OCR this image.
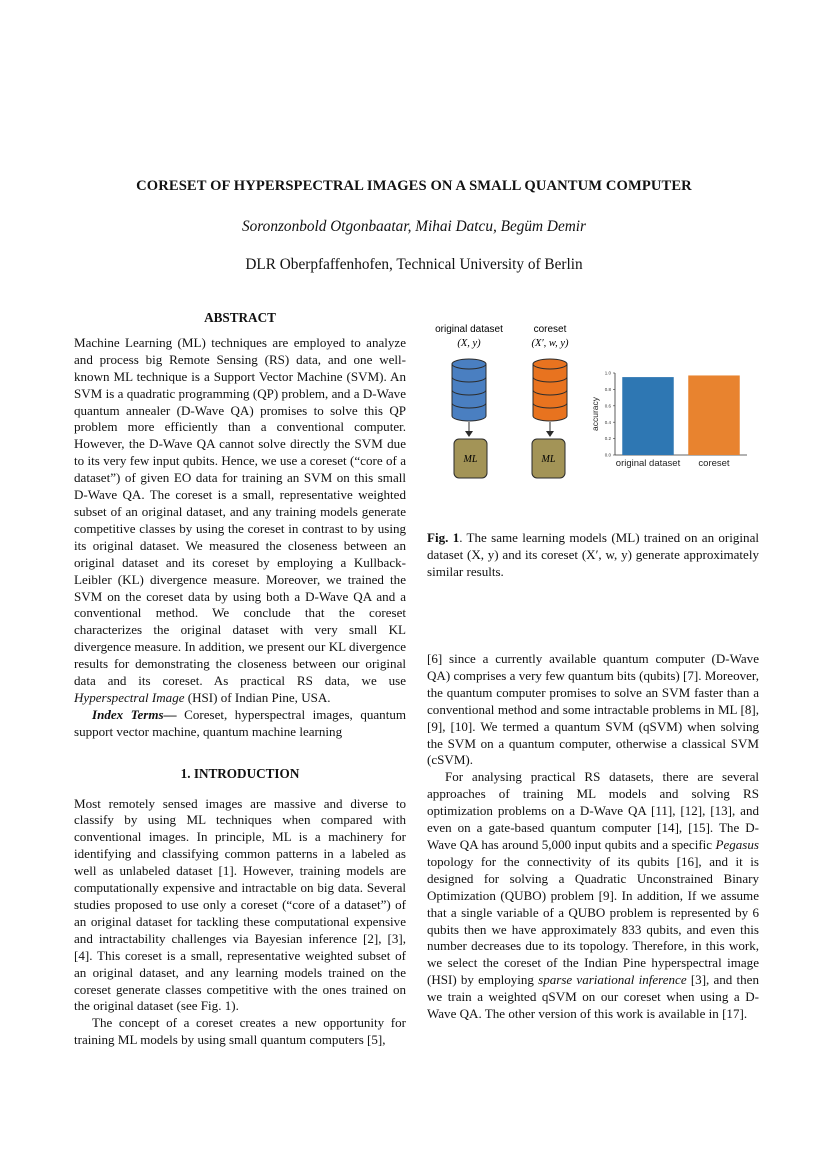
CORESET OF HYPERSPECTRAL IMAGES ON A SMALL QUANTUM COMPUTER
Soronzonbold Otgonbaatar, Mihai Datcu, Begüm Demir
DLR Oberpfaffenhofen, Technical University of Berlin
ABSTRACT

Machine Learning (ML) techniques are employed to analyze and process big Remote Sensing (RS) data, and one well-known ML technique is a Support Vector Machine (SVM). An SVM is a quadratic programming (QP) problem, and a D-Wave quantum annealer (D-Wave QA) promises to solve this QP problem more efficiently than a conventional computer. However, the D-Wave QA cannot solve directly the SVM due to its very few input qubits. Hence, we use a coreset (“core of a dataset”) of given EO data for training an SVM on this small D-Wave QA. The coreset is a small, representative weighted subset of an original dataset, and any training models generate competitive classes by using the coreset in contrast to by using its original dataset. We measured the closeness between an original dataset and its coreset by employing a Kullback-Leibler (KL) divergence measure. Moreover, we trained the SVM on the coreset data by using both a D-Wave QA and a conventional method. We conclude that the coreset characterizes the original dataset with very small KL divergence measure. In addition, we present our KL divergence results for demonstrating the closeness between our original data and its coreset. As practical RS data, we use Hyperspectral Image (HSI) of Indian Pine, USA.

Index Terms— Coreset, hyperspectral images, quantum support vector machine, quantum machine learning

1. INTRODUCTION

Most remotely sensed images are massive and diverse to classify by using ML techniques when compared with conventional images. In principle, ML is a machinery for identifying and classifying common patterns in a labeled as well as unlabeled dataset [1]. However, training models are computationally expensive and intractable on big data. Several studies proposed to use only a coreset (“core of a dataset”) of an original dataset for tackling these computational expensive and intractability challenges via Bayesian inference [2], [3], [4]. This coreset is a small, representative weighted subset of an original dataset, and any learning models trained on the coreset generate classes competitive with the ones trained on the original dataset (see Fig. 1).

The concept of a coreset creates a new opportunity for training ML models by using small quantum computers [5],

original dataset
(X, y)
ML
coreset
(X′, w, y)
ML	0.0
0.2
0.4
0.6
0.8
1.0
accuracy
original dataset coreset

Fig. 1. The same learning models (ML) trained on an original dataset (X, y) and its coreset (X′, w, y) generate approximately similar results.

[6] since a currently available quantum computer (D-Wave QA) comprises a very few quantum bits (qubits) [7]. Moreover, the quantum computer promises to solve an SVM faster than a conventional method and some intractable problems in ML [8], [9], [10]. We termed a quantum SVM (qSVM) when solving the SVM on a quantum computer, otherwise a classical SVM (cSVM).

For analysing practical RS datasets, there are several approaches of training ML models and solving RS optimization problems on a D-Wave QA [11], [12], [13], and even on a gate-based quantum computer [14], [15]. The D-Wave QA has around 5,000 input qubits and a specific Pegasus topology for the connectivity of its qubits [16], and it is designed for solving a Quadratic Unconstrained Binary Optimization (QUBO) problem [9]. In addition, If we assume that a single variable of a QUBO problem is represented by 6 qubits then we have approximately 833 qubits, and even this number decreases due to its topology. Therefore, in this work, we select the coreset of the Indian Pine hyperspectral image (HSI) by employing sparse variational inference [3], and then we train a weighted qSVM on our coreset when using a D-Wave QA. The other version of this work is available in [17].
